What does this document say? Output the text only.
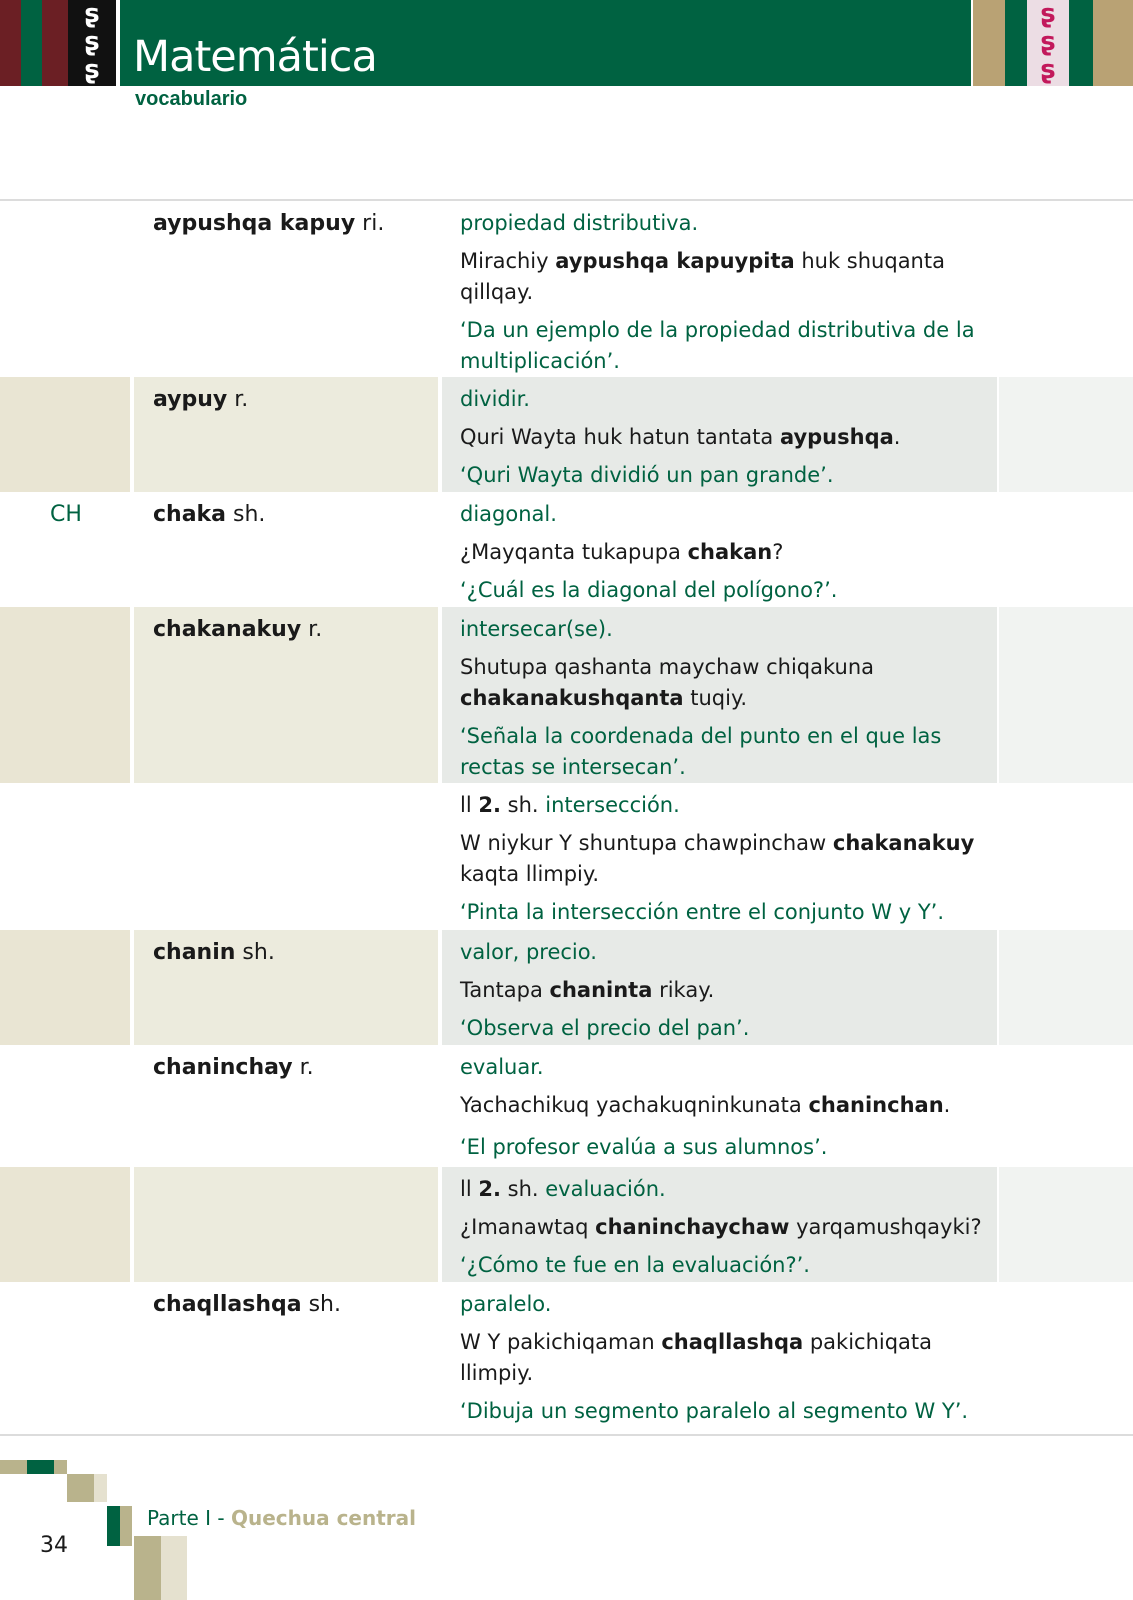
ʂ
ʂ
ʂ Matemática
ʂ
ʂ
ʂ
vocabulario
aypushqa kapuy ri.	propiedad distributiva.

Mirachiy aypushqa kapuypita huk shuqanta qillqay.

‘Da un ejemplo de la propiedad distributiva de la multiplicación’.

aypuy r.	dividir.

Quri Wayta huk hatun tantata aypushqa.

‘Quri Wayta dividió un pan grande’.

CH	chaka sh.	diagonal.

¿Mayqanta tukapupa chakan?

‘¿Cuál es la diagonal del polígono?’.

chakanakuy r.	intersecar(se).

Shutupa qashanta maychaw chiqakuna chakanakushqanta tuqiy.

‘Señala la coordenada del punto en el que las rectas se intersecan’.

ll 2. sh. intersección.

W niykur Y shuntupa chawpinchaw chakanakuy kaqta llimpiy.

‘Pinta la intersección entre el conjunto W y Y’.

chanin sh.	valor, precio.

Tantapa chaninta rikay.

‘Observa el precio del pan’.

chaninchay r.	evaluar.

Yachachikuq yachakuqninkunata chaninchan.

‘El profesor evalúa a sus alumnos’.

ll 2. sh. evaluación.

¿Imanawtaq chaninchaychaw yarqamushqayki?

‘¿Cómo te fue en la evaluación?’.

chaqllashqa sh.	paralelo.

W Y pakichiqaman chaqllashqa pakichiqata llimpiy.

‘Dibuja un segmento paralelo al segmento W Y’.

34
Parte I - Quechua central
